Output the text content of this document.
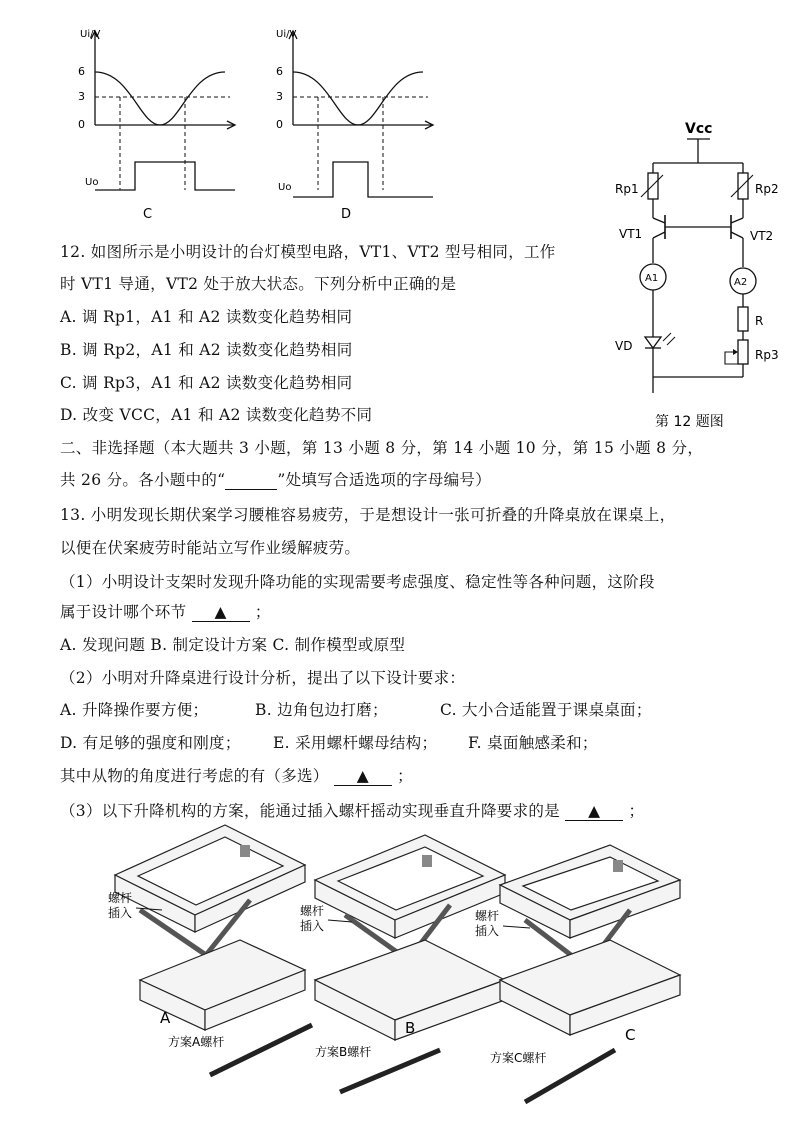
Ui/V
6
3
0
Uo
C
Ui/V
6
3
0
Uo
D
Vcc
Rp1	Rp2
VT1	VT2
A1
VD
A2
R
Rp3
第 12 题图
12. 如图所示是小明设计的台灯模型电路，VT1、VT2 型号相同，工作
时 VT1 导通，VT2 处于放大状态。下列分析中正确的是
A. 调 Rp1，A1 和 A2 读数变化趋势相同
B. 调 Rp2，A1 和 A2 读数变化趋势相同
C. 调 Rp3，A1 和 A2 读数变化趋势相同
D. 改变 VCC，A1 和 A2 读数变化趋势不同
二、非选择题（本大题共 3 小题，第 13 小题 8 分，第 14 小题 10 分，第 15 小题 8 分，
共 26 分。各小题中的“	”处填写合适选项的字母编号）
13. 小明发现长期伏案学习腰椎容易疲劳，于是想设计一张可折叠的升降桌放在课桌上，
以便在伏案疲劳时能站立写作业缓解疲劳。
（1）小明设计支架时发现升降功能的实现需要考虑强度、稳定性等各种问题，这阶段
属于设计哪个环节 ▲ ；
A. 发现问题 B. 制定设计方案 C. 制作模型或原型
（2）小明对升降桌进行设计分析，提出了以下设计要求：
A. 升降操作要方便；	B. 边角包边打磨；	C. 大小合适能置于课桌桌面；
D. 有足够的强度和刚度； E. 采用螺杆螺母结构； F. 桌面触感柔和；
其中从物的角度进行考虑的有（多选） ▲ ；
（3）以下升降机构的方案，能通过插入螺杆摇动实现垂直升降要求的是 ▲ ；
螺杆
插入
A
方案A螺杆
螺杆
插入
B
方案B螺杆
螺杆
插入
C
方案C螺杆
